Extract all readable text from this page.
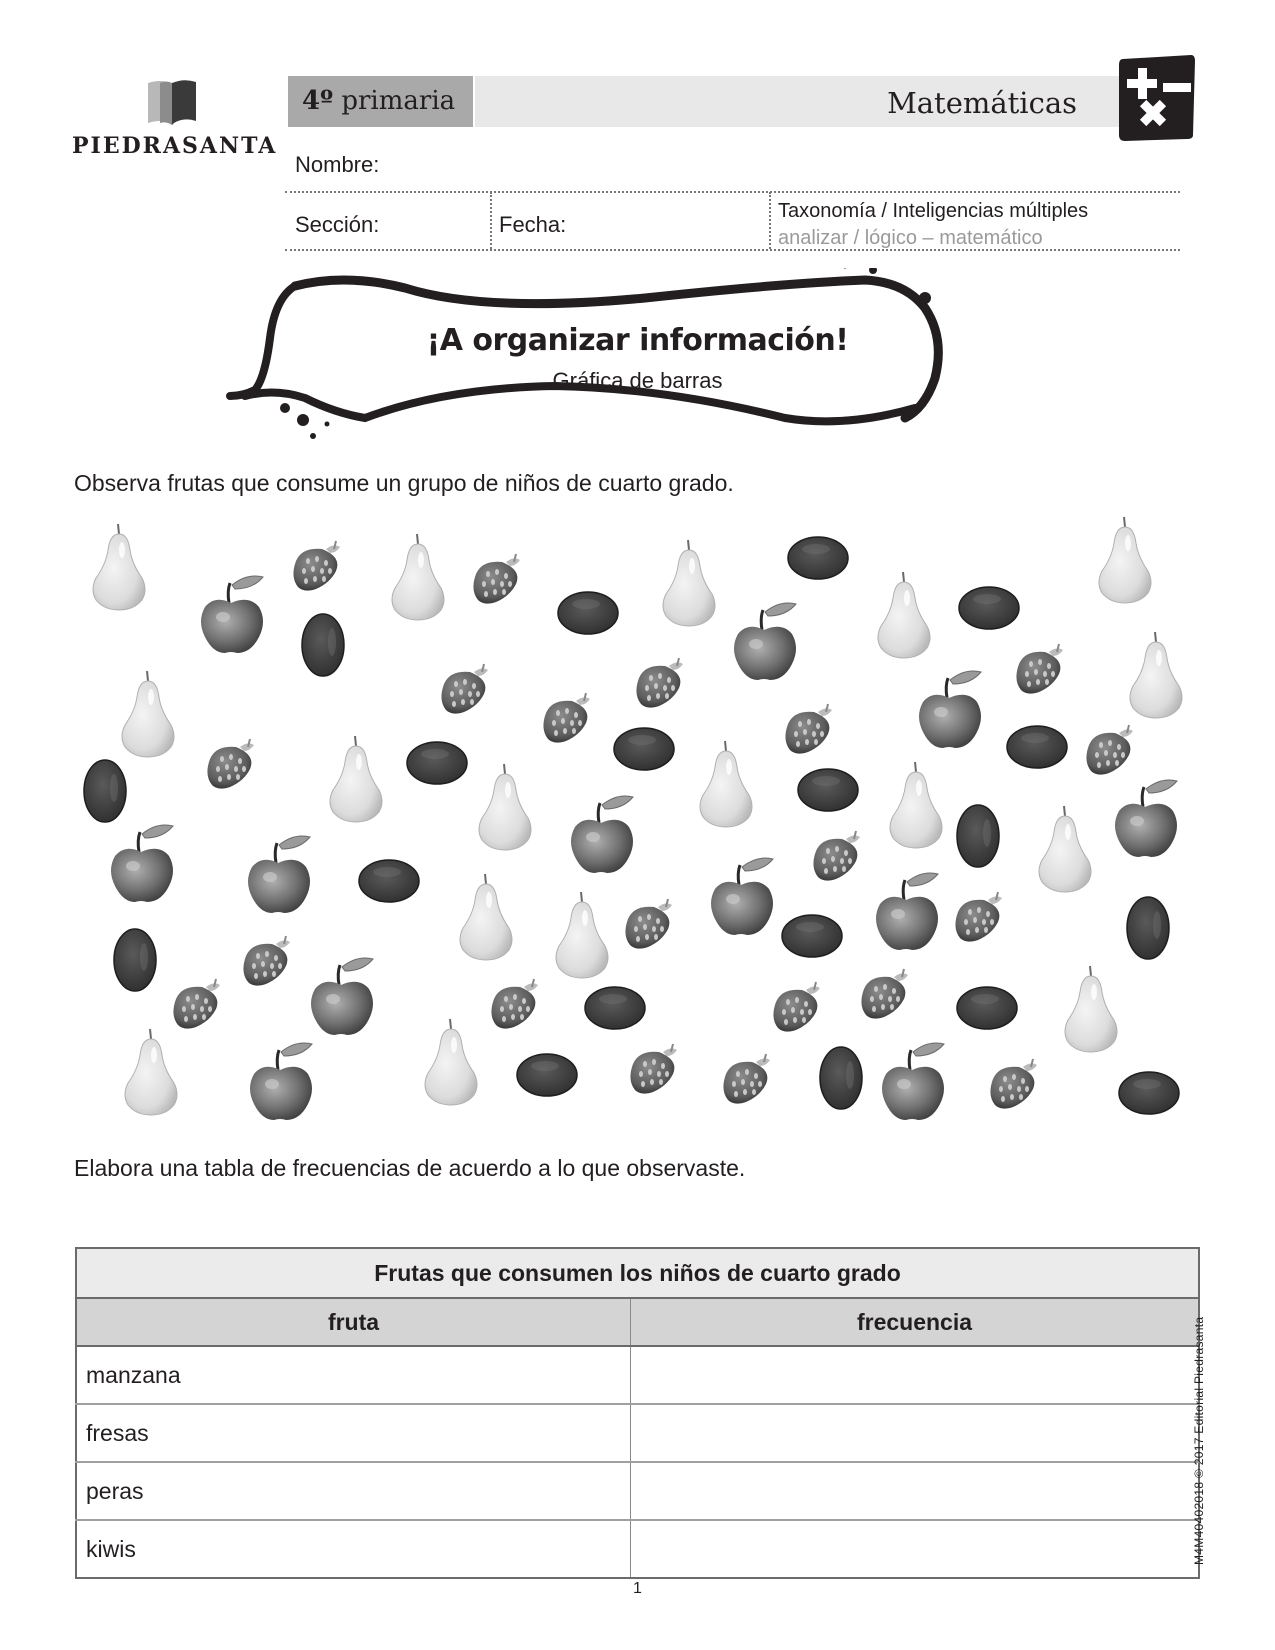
PIEDRASANTA
4º primaria	Matemáticas
Nombre:
Sección:	Fecha:
Taxonomía / Inteligencias múltiples
analizar / lógico – matemático
¡A organizar información!
Gráfica de barras
Observa frutas que consume un grupo de niños de cuarto grado.
Elabora una tabla de frecuencias de acuerdo a lo que observaste.
Frutas que consumen los niños de cuarto grado	
fruta	frecuencia
manzana	
fresas	
peras	
kiwis		M4M40402018 © 2017 Editorial Piedrasanta
1
